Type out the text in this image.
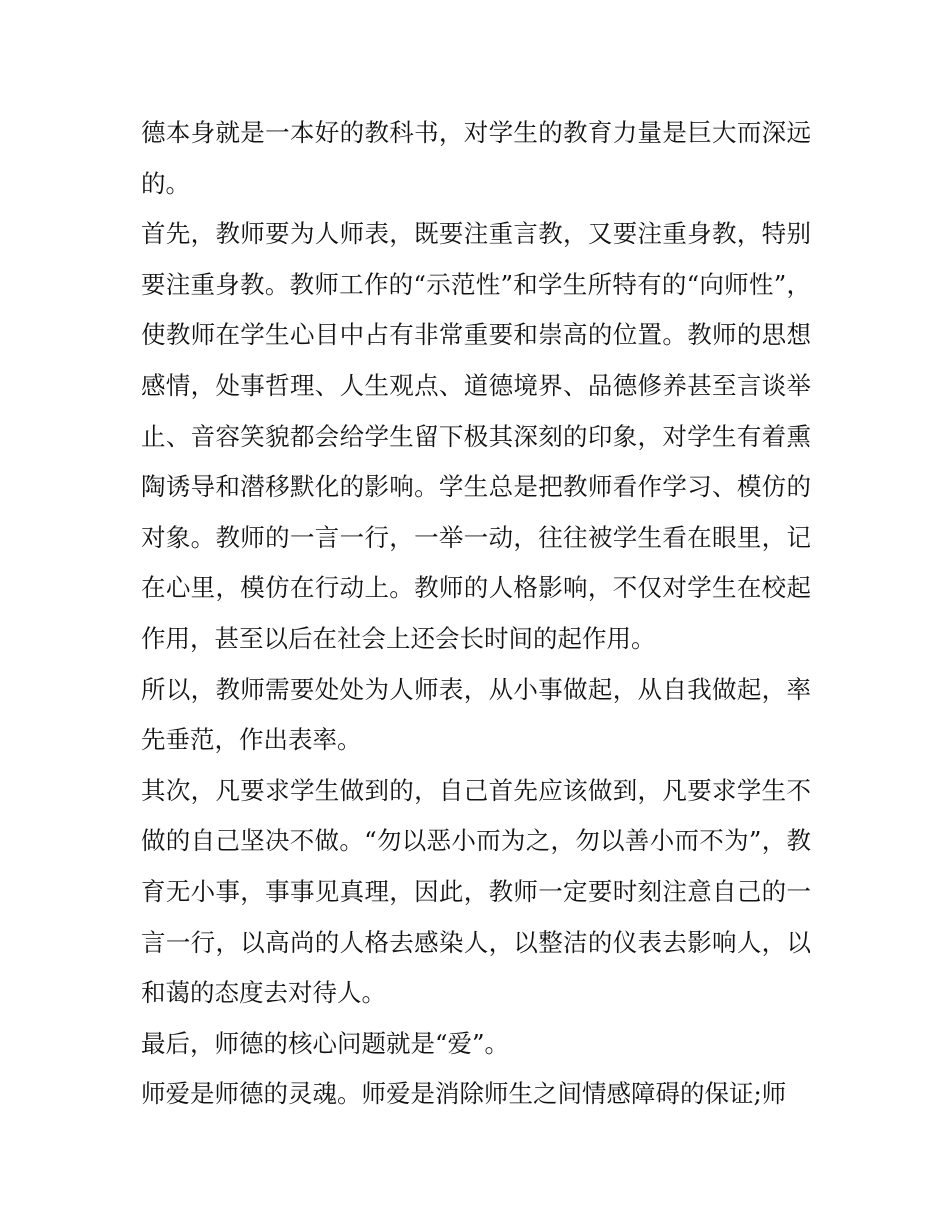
德本身就是一本好的教科书，对学生的教育力量是巨大而深远的。

首先，教师要为人师表，既要注重言教，又要注重身教，特别要注重身教。教师工作的“示范性”和学生所特有的“向师性”，使教师在学生心目中占有非常重要和崇高的位置。教师的思想感情，处事哲理、人生观点、道德境界、品德修养甚至言谈举止、音容笑貌都会给学生留下极其深刻的印象，对学生有着熏陶诱导和潜移默化的影响。学生总是把教师看作学习、模仿的对象。教师的一言一行，一举一动，往往被学生看在眼里，记在心里，模仿在行动上。教师的人格影响，不仅对学生在校起作用，甚至以后在社会上还会长时间的起作用。

所以，教师需要处处为人师表，从小事做起，从自我做起，率先垂范，作出表率。

其次，凡要求学生做到的，自己首先应该做到，凡要求学生不做的自己坚决不做。“勿以恶小而为之，勿以善小而不为”，教育无小事，事事见真理，因此，教师一定要时刻注意自己的一言一行，以高尚的人格去感染人，以整洁的仪表去影响人，以和蔼的态度去对待人。

最后，师德的核心问题就是“爱”。

师爱是师德的灵魂。师爱是消除师生之间情感障碍的保证;师
